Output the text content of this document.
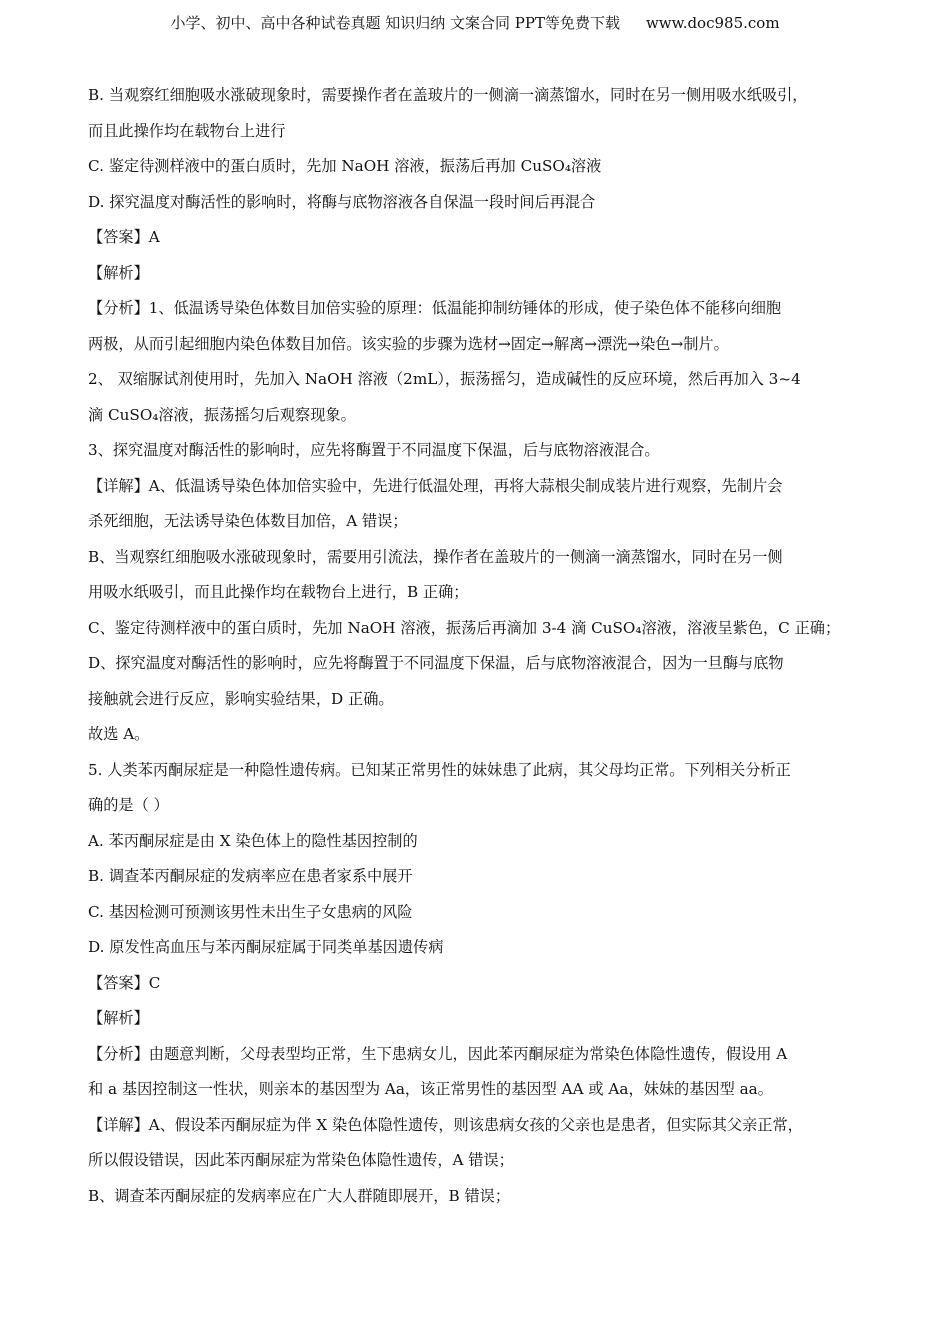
小学、初中、高中各种试卷真题 知识归纳 文案合同 PPT等免费下载 www.doc985.com

B. 当观察红细胞吸水涨破现象时，需要操作者在盖玻片的一侧滴一滴蒸馏水，同时在另一侧用吸水纸吸引，

而且此操作均在载物台上进行

C. 鉴定待测样液中的蛋白质时，先加 NaOH 溶液，振荡后再加 CuSO₄溶液

D. 探究温度对酶活性的影响时，将酶与底物溶液各自保温一段时间后再混合

【答案】A

【解析】

【分析】1、低温诱导染色体数目加倍实验的原理：低温能抑制纺锤体的形成，使子染色体不能移向细胞

两极，从而引起细胞内染色体数目加倍。该实验的步骤为选材→固定→解离→漂洗→染色→制片。

2、 双缩脲试剂使用时，先加入 NaOH 溶液（2mL），振荡摇匀，造成碱性的反应环境，然后再加入 3~4

滴 CuSO₄溶液，振荡摇匀后观察现象。

3、探究温度对酶活性的影响时，应先将酶置于不同温度下保温，后与底物溶液混合。

【详解】A、低温诱导染色体加倍实验中，先进行低温处理，再将大蒜根尖制成装片进行观察，先制片会

杀死细胞，无法诱导染色体数目加倍，A 错误；

B、当观察红细胞吸水涨破现象时，需要用引流法，操作者在盖玻片的一侧滴一滴蒸馏水，同时在另一侧

用吸水纸吸引，而且此操作均在载物台上进行，B 正确；

C、鉴定待测样液中的蛋白质时，先加 NaOH 溶液，振荡后再滴加 3-4 滴 CuSO₄溶液，溶液呈紫色，C 正确；

D、探究温度对酶活性的影响时，应先将酶置于不同温度下保温，后与底物溶液混合，因为一旦酶与底物

接触就会进行反应，影响实验结果，D 正确。

故选 A。

5. 人类苯丙酮尿症是一种隐性遗传病。已知某正常男性的妹妹患了此病，其父母均正常。下列相关分析正

确的是（ ）

A. 苯丙酮尿症是由 X 染色体上的隐性基因控制的

B. 调查苯丙酮尿症的发病率应在患者家系中展开

C. 基因检测可预测该男性未出生子女患病的风险

D. 原发性高血压与苯丙酮尿症属于同类单基因遗传病

【答案】C

【解析】

【分析】由题意判断，父母表型均正常，生下患病女儿，因此苯丙酮尿症为常染色体隐性遗传，假设用 A

和 a 基因控制这一性状，则亲本的基因型为 Aa，该正常男性的基因型 AA 或 Aa，妹妹的基因型 aa。

【详解】A、假设苯丙酮尿症为伴 X 染色体隐性遗传，则该患病女孩的父亲也是患者，但实际其父亲正常，

所以假设错误，因此苯丙酮尿症为常染色体隐性遗传，A 错误；

B、调查苯丙酮尿症的发病率应在广大人群随即展开，B 错误；
